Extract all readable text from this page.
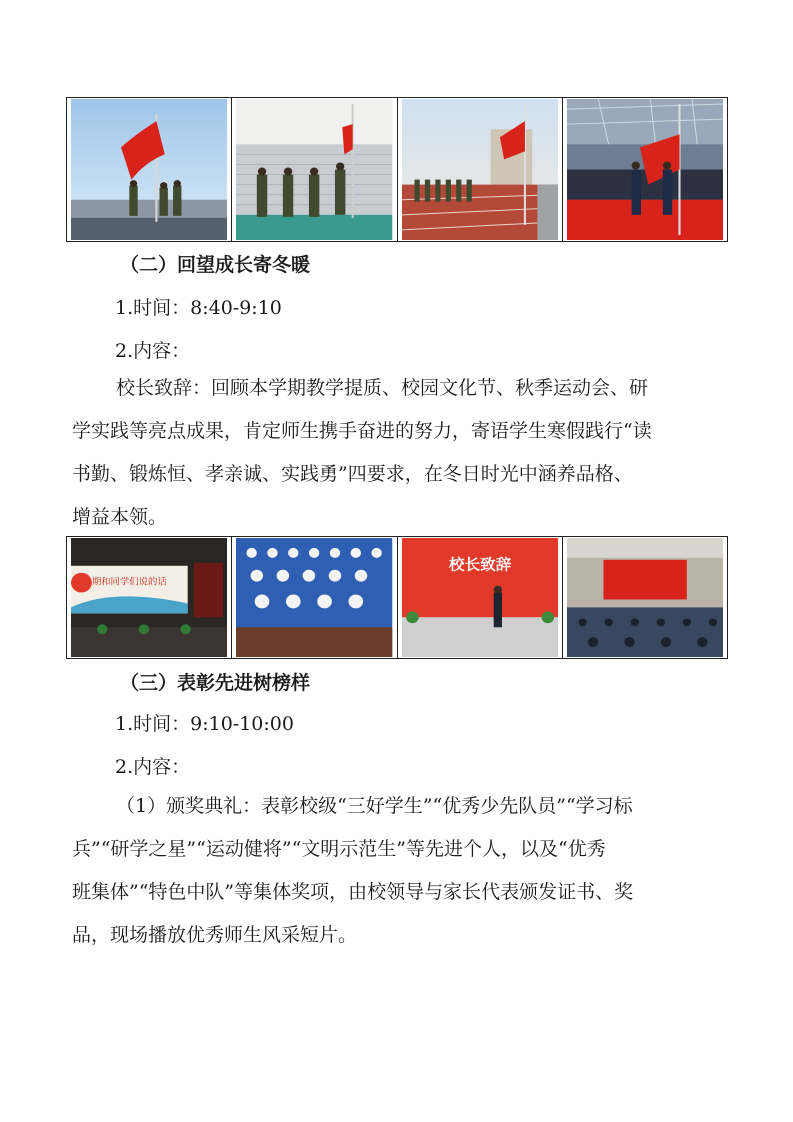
（二）回望成长寄冬暖
1.时间：8:40-9:10
2.内容：
校长致辞：回顾本学期教学提质、校园文化节、秋季运动会、研
学实践等亮点成果，肯定师生携手奋进的努力，寄语学生寒假践行“读
书勤、锻炼恒、孝亲诚、实践勇”四要求，在冬日时光中涵养品格、
增益本领。
期和同学们说的话
校长致辞
（三）表彰先进树榜样
1.时间：9:10-10:00
2.内容：
（1）颁奖典礼：表彰校级“三好学生”“优秀少先队员”“学习标
兵”“研学之星”“运动健将”“文明示范生”等先进个人，以及“优秀
班集体”“特色中队”等集体奖项，由校领导与家长代表颁发证书、奖
品，现场播放优秀师生风采短片。
